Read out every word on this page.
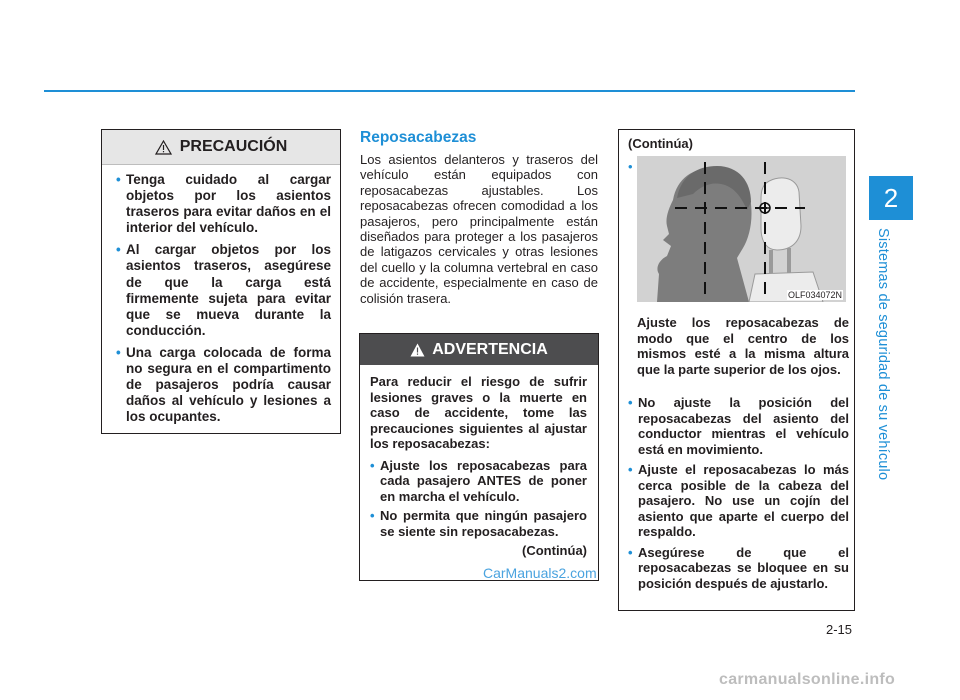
2
Sistemas de seguridad de su vehículo
PRECAUCIÓN
• Tenga cuidado al cargar objetos por los asientos traseros para evitar daños en el interior del vehículo.
• Al cargar objetos por los asientos traseros, asegúrese de que la carga está firmemente sujeta para evitar que se mueva durante la conducción.
• Una carga colocada de forma no segura en el compartimento de pasajeros podría causar daños al vehículo y lesiones a los ocupantes.
Reposacabezas

Los asientos delanteros y traseros del vehículo están equipados con reposacabezas ajustables. Los reposacabezas ofrecen comodidad a los pasajeros, pero principalmente están diseñados para proteger a los pasajeros de latigazos cervicales y otras lesiones del cuello y la columna vertebral en caso de accidente, especialmente en caso de colisión trasera.

ADVERTENCIA

Para reducir el riesgo de sufrir lesiones graves o la muerte en caso de accidente, tome las precauciones siguientes al ajustar los reposacabezas:

• Ajuste los reposacabezas para cada pasajero ANTES de poner en marcha el vehículo.
• No permita que ningún pasajero se siente sin reposacabezas.
(Continúa)
(Continúa)
•
OLF034072N

Ajuste los reposacabezas de modo que el centro de los mismos esté a la misma altura que la parte superior de los ojos.

• No ajuste la posición del reposacabezas del asiento del conductor mientras el vehículo está en movimiento.
• Ajuste el reposacabezas lo más cerca posible de la cabeza del pasajero. No use un cojín del asiento que aparte el cuerpo del respaldo.
• Asegúrese de que el reposacabezas se bloquee en su posición después de ajustarlo.
2-15
CarManuals2.com
carmanualsonline.info
